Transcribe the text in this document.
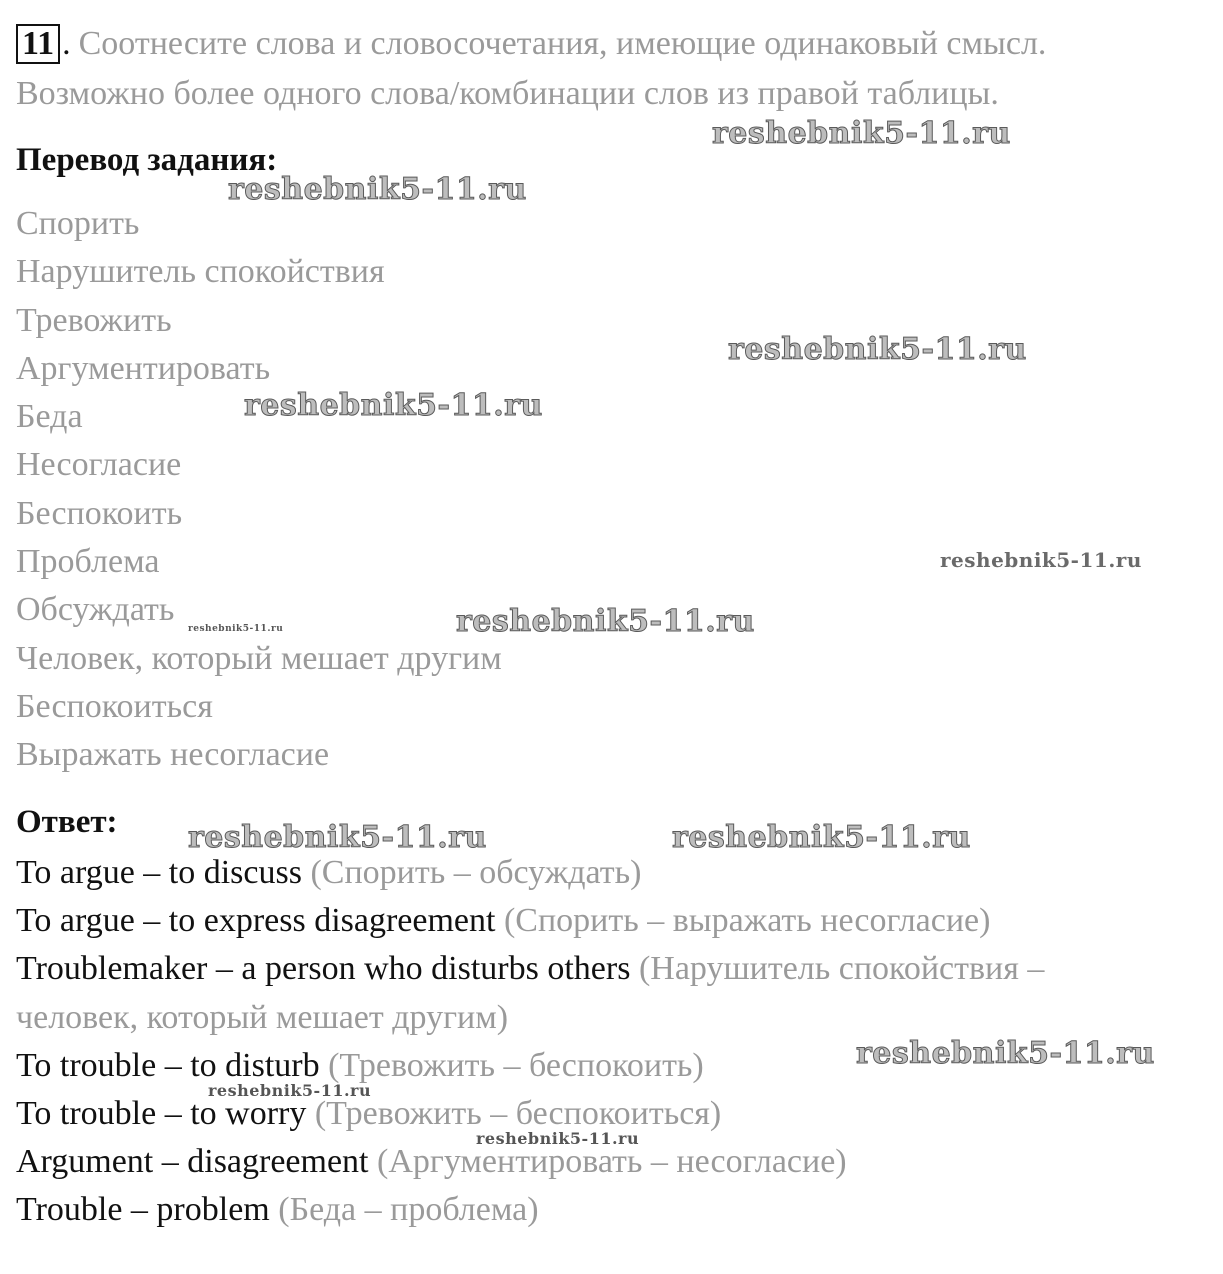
11 . Соотнесите слова и словосочетания, имеющие одинаковый смысл.
Возможно более одного слова/комбинации слов из правой таблицы.
Перевод задания:
Спорить
Нарушитель спокойствия
Тревожить
Аргументировать
Беда
Несогласие
Беспокоить
Проблема
Обсуждать
Человек, который мешает другим
Беспокоиться
Выражать несогласие
Ответ:
To argue – to discuss (Спорить – обсуждать)
To argue – to express disagreement (Спорить – выражать несогласие)
Troublemaker – a person who disturbs others (Нарушитель спокойствия –
человек, который мешает другим)
To trouble – to disturb (Тревожить – беспокоить)
To trouble – to worry (Тревожить – беспокоиться)
Argument – disagreement (Аргументировать – несогласие)
Trouble – problem (Беда – проблема)
reshebnik5-11.ru
reshebnik5-11.ru
reshebnik5-11.ru
reshebnik5-11.ru
reshebnik5-11.ru
reshebnik5-11.ru
reshebnik5-11.ru
reshebnik5-11.ru	reshebnik5-11.ru
reshebnik5-11.ru
reshebnik5-11.ru
reshebnik5-11.ru
